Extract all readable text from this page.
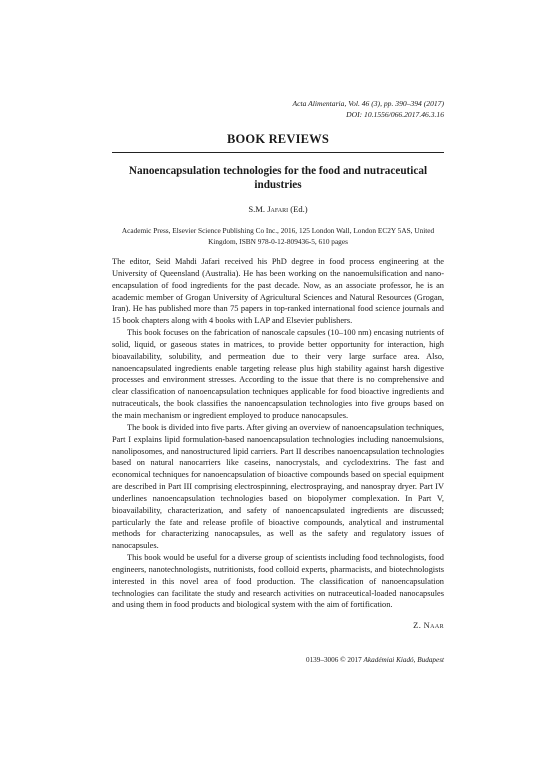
Acta Alimentaria, Vol. 46 (3), pp. 390–394 (2017)
DOI: 10.1556/066.2017.46.3.16
BOOK REVIEWS
Nanoencapsulation technologies for the food and nutraceutical industries
S.M. Jafari (Ed.)
Academic Press, Elsevier Science Publishing Co Inc., 2016, 125 London Wall, London EC2Y 5AS, United Kingdom, ISBN 978-0-12-809436-5, 610 pages

The editor, Seid Mahdi Jafari received his PhD degree in food process engineering at the University of Queensland (Australia). He has been working on the nanoemulsification and nano-encapsulation of food ingredients for the past decade. Now, as an associate professor, he is an academic member of Grogan University of Agricultural Sciences and Natural Resources (Grogan, Iran). He has published more than 75 papers in top-ranked international food science journals and 15 book chapters along with 4 books with LAP and Elsevier publishers.

This book focuses on the fabrication of nanoscale capsules (10–100 nm) encasing nutrients of solid, liquid, or gaseous states in matrices, to provide better opportunity for interaction, high bioavailability, solubility, and permeation due to their very large surface area. Also, nanoencapsulated ingredients enable targeting release plus high stability against harsh digestive processes and environment stresses. According to the issue that there is no comprehensive and clear classification of nanoencapsulation techniques applicable for food bioactive ingredients and nutraceuticals, the book classifies the nanoencapsulation technologies into five groups based on the main mechanism or ingredient employed to produce nanocapsules.

The book is divided into five parts. After giving an overview of nanoencapsulation techniques, Part I explains lipid formulation-based nanoencapsulation technologies including nanoemulsions, nanoliposomes, and nanostructured lipid carriers. Part II describes nanoencapsulation technologies based on natural nanocarriers like caseins, nanocrystals, and cyclodextrins. The fast and economical techniques for nanoencapsulation of bioactive compounds based on special equipment are described in Part III comprising electrospinning, electrospraying, and nanospray dryer. Part IV underlines nanoencapsulation technologies based on biopolymer complexation. In Part V, bioavailability, characterization, and safety of nanoencapsulated ingredients are discussed; particularly the fate and release profile of bioactive compounds, analytical and instrumental methods for characterizing nanocapsules, as well as the safety and regulatory issues of nanocapsules.

This book would be useful for a diverse group of scientists including food technologists, food engineers, nanotechnologists, nutritionists, food colloid experts, pharmacists, and biotechnologists interested in this novel area of food production. The classification of nanoencapsulation technologies can facilitate the study and research activities on nutraceutical-loaded nanocapsules and using them in food products and biological system with the aim of fortification.

Z. Naar
0139–3006 © 2017 Akadémiai Kiadó, Budapest
